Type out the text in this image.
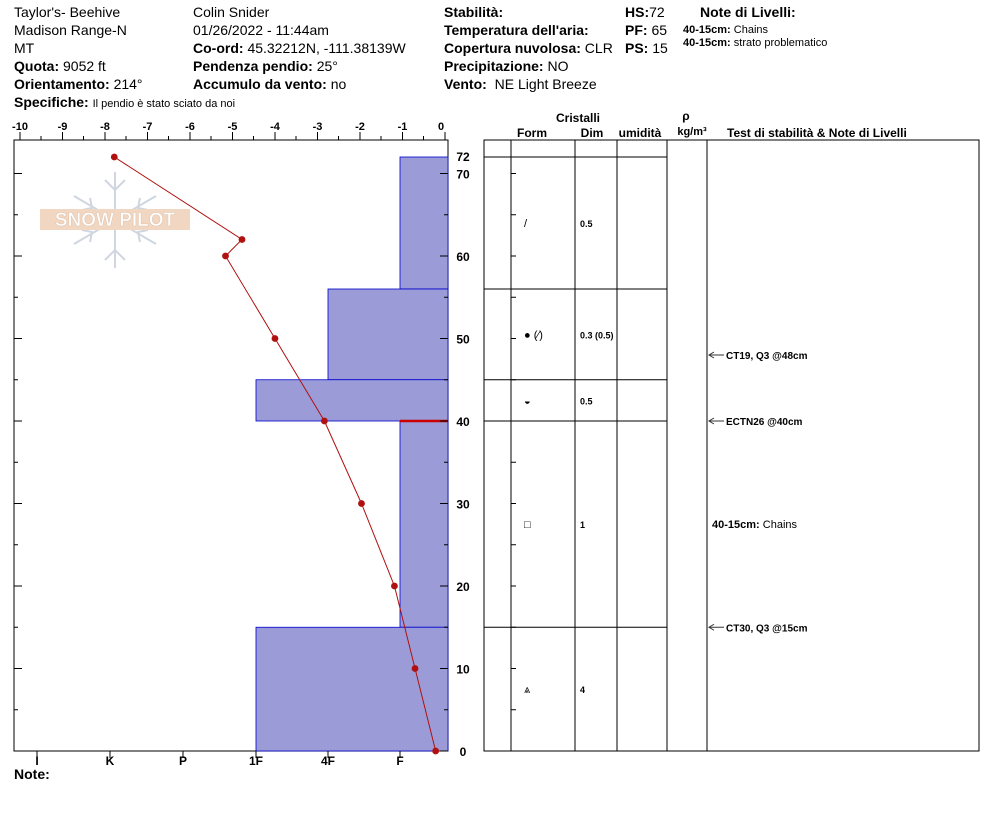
Taylor's- Beehive
Madison Range-N
MT
Quota: 9052 ft
Orientamento: 214°
Specifiche: Il pendio è stato sciato da noi
Colin Snider
01/26/2022 - 11:44am
Co-ord: 45.32212N, -111.38139W
Pendenza pendio: 25°
Accumulo da vento: no
Stabilità:
Temperatura dell'aria:
Copertura nuvolosa: CLR
Precipitazione: NO
Vento: NE Light Breeze
HS:72
PF: 65
PS: 15
Note di Livelli:
40-15cm: Chains
40-15cm: strato problematico
Note:
SNOW PILOT
-10	-9	-8	-7	-6	-5	-4	-3	-2	-1	0
0
10
20
30
40
50
60
70
72
I	K	P	1F	4F	F
/	0.5
● (⁄)	0.3 (0.5)
◒	0.5
□	1
⩓	4
CT19, Q3 @48cm
ECTN26 @40cm
40-15cm: Chains
CT30, Q3 @15cm
Cristalli
Form	Dim umidità
ρ
kg/m³ Test di stabilità & Note di Livelli
